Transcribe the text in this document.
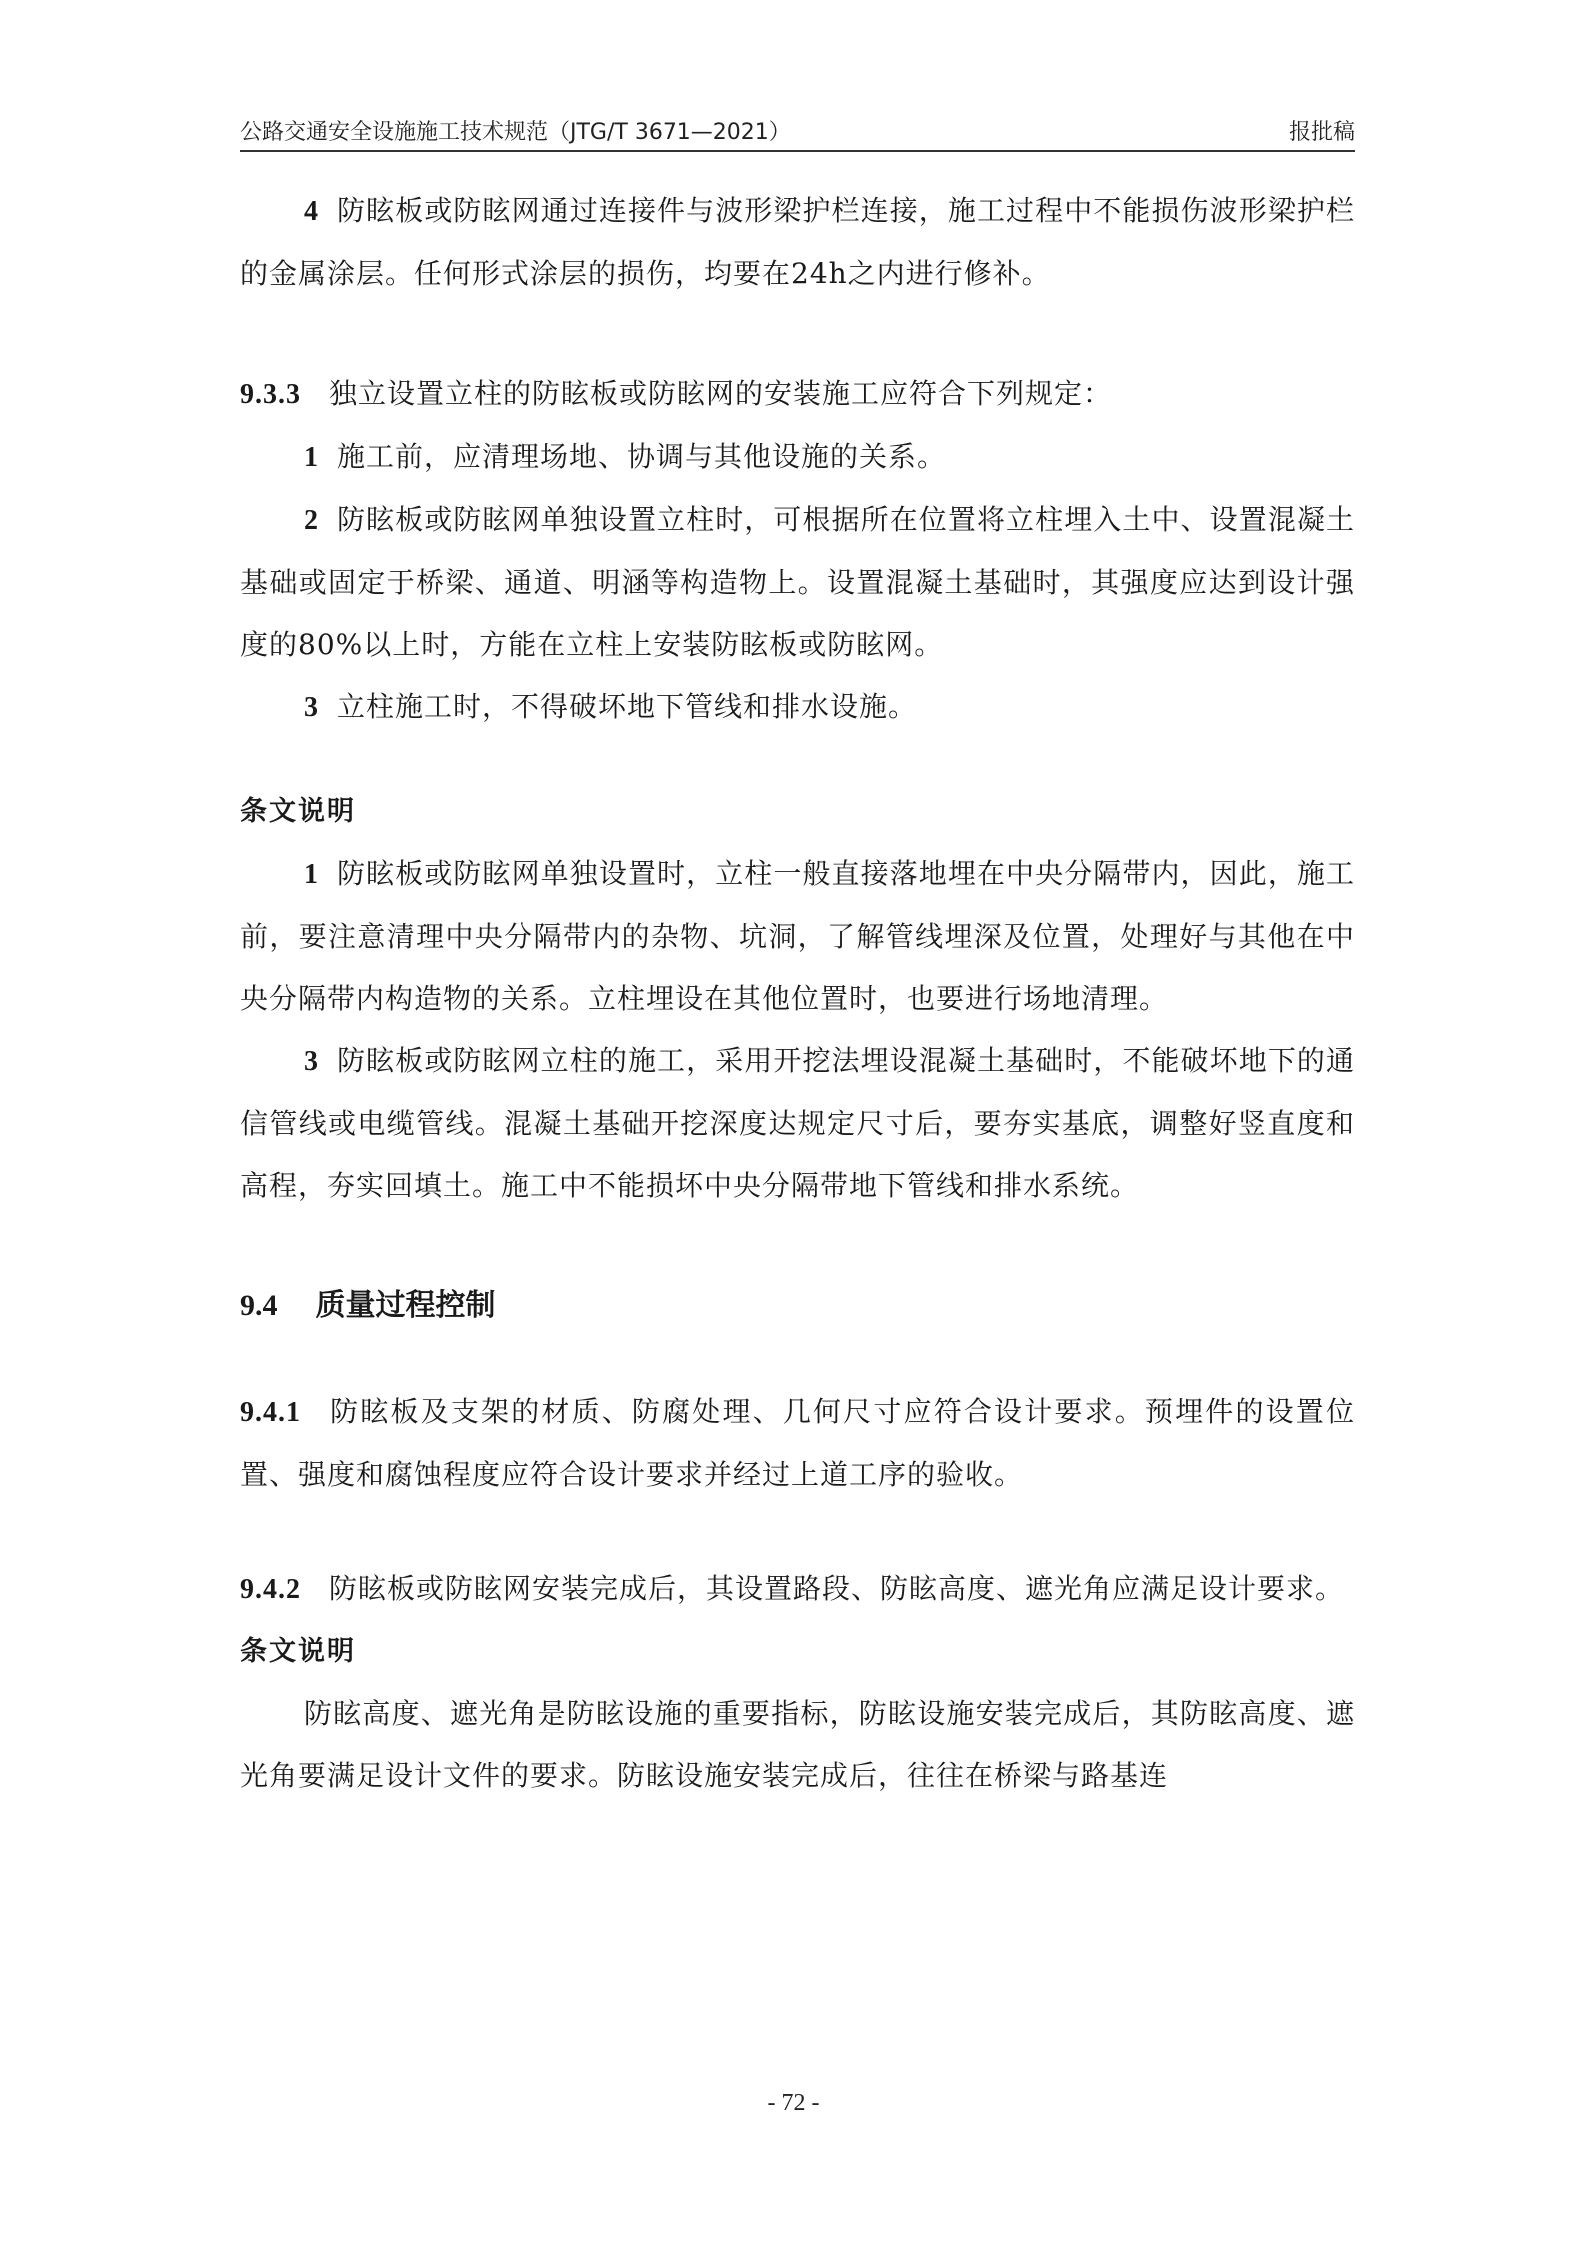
公路交通安全设施施工技术规范（JTG/T 3671—2021）	报批稿

4 防眩板或防眩网通过连接件与波形梁护栏连接，施工过程中不能损伤波形梁护栏的金属涂层。任何形式涂层的损伤，均要在24h之内进行修补。

9.3.3 独立设置立柱的防眩板或防眩网的安装施工应符合下列规定：

1 施工前，应清理场地、协调与其他设施的关系。

2 防眩板或防眩网单独设置立柱时，可根据所在位置将立柱埋入土中、设置混凝土基础或固定于桥梁、通道、明涵等构造物上。设置混凝土基础时，其强度应达到设计强度的80%以上时，方能在立柱上安装防眩板或防眩网。

3 立柱施工时，不得破坏地下管线和排水设施。

条文说明

1 防眩板或防眩网单独设置时，立柱一般直接落地埋在中央分隔带内，因此，施工前，要注意清理中央分隔带内的杂物、坑洞，了解管线埋深及位置，处理好与其他在中央分隔带内构造物的关系。立柱埋设在其他位置时，也要进行场地清理。

3 防眩板或防眩网立柱的施工，采用开挖法埋设混凝土基础时，不能破坏地下的通信管线或电缆管线。混凝土基础开挖深度达规定尺寸后，要夯实基底，调整好竖直度和高程，夯实回填土。施工中不能损坏中央分隔带地下管线和排水系统。

9.4 质量过程控制

9.4.1 防眩板及支架的材质、防腐处理、几何尺寸应符合设计要求。预埋件的设置位置、强度和腐蚀程度应符合设计要求并经过上道工序的验收。

9.4.2 防眩板或防眩网安装完成后，其设置路段、防眩高度、遮光角应满足设计要求。

条文说明

防眩高度、遮光角是防眩设施的重要指标，防眩设施安装完成后，其防眩高度、遮光角要满足设计文件的要求。防眩设施安装完成后，往往在桥梁与路基连

- 72 -
